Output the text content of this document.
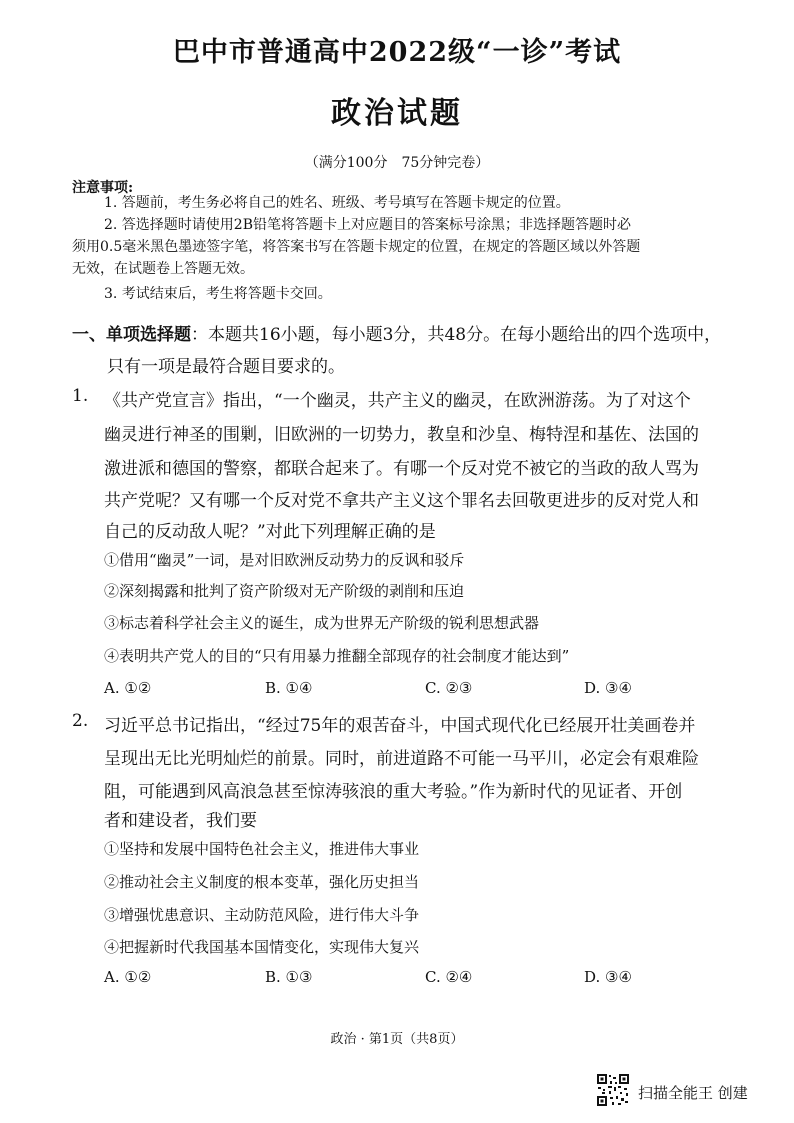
巴中市普通高中2022级“一诊”考试
政治试题
（满分100分　75分钟完卷）
注意事项:
1. 答题前，考生务必将自己的姓名、班级、考号填写在答题卡规定的位置。
2. 答选择题时请使用2B铅笔将答题卡上对应题目的答案标号涂黑；非选择题答题时必
须用0.5毫米黑色墨迹签字笔，将答案书写在答题卡规定的位置，在规定的答题区域以外答题
无效，在试题卷上答题无效。
3. 考试结束后，考生将答题卡交回。
一、单项选择题：本题共16小题，每小题3分，共48分。在每小题给出的四个选项中，
只有一项是最符合题目要求的。
1. 《共产党宣言》指出，“一个幽灵，共产主义的幽灵，在欧洲游荡。为了对这个
幽灵进行神圣的围剿，旧欧洲的一切势力，教皇和沙皇、梅特涅和基佐、法国的
激进派和德国的警察，都联合起来了。有哪一个反对党不被它的当政的敌人骂为
共产党呢？又有哪一个反对党不拿共产主义这个罪名去回敬更进步的反对党人和
自己的反动敌人呢？”对此下列理解正确的是
①借用“幽灵”一词，是对旧欧洲反动势力的反讽和驳斥
②深刻揭露和批判了资产阶级对无产阶级的剥削和压迫
③标志着科学社会主义的诞生，成为世界无产阶级的锐利思想武器
④表明共产党人的目的“只有用暴力推翻全部现存的社会制度才能达到”
A. ①②	B. ①④	C. ②③	D. ③④
2. 习近平总书记指出，“经过75年的艰苦奋斗，中国式现代化已经展开壮美画卷并
呈现出无比光明灿烂的前景。同时，前进道路不可能一马平川，必定会有艰难险
阻，可能遇到风高浪急甚至惊涛骇浪的重大考验。”作为新时代的见证者、开创
者和建设者，我们要
①坚持和发展中国特色社会主义，推进伟大事业
②推动社会主义制度的根本变革，强化历史担当
③增强忧患意识、主动防范风险，进行伟大斗争
④把握新时代我国基本国情变化，实现伟大复兴
A. ①②	B. ①③	C. ②④	D. ③④
政治 · 第1页（共8页）
扫描全能王 创建
